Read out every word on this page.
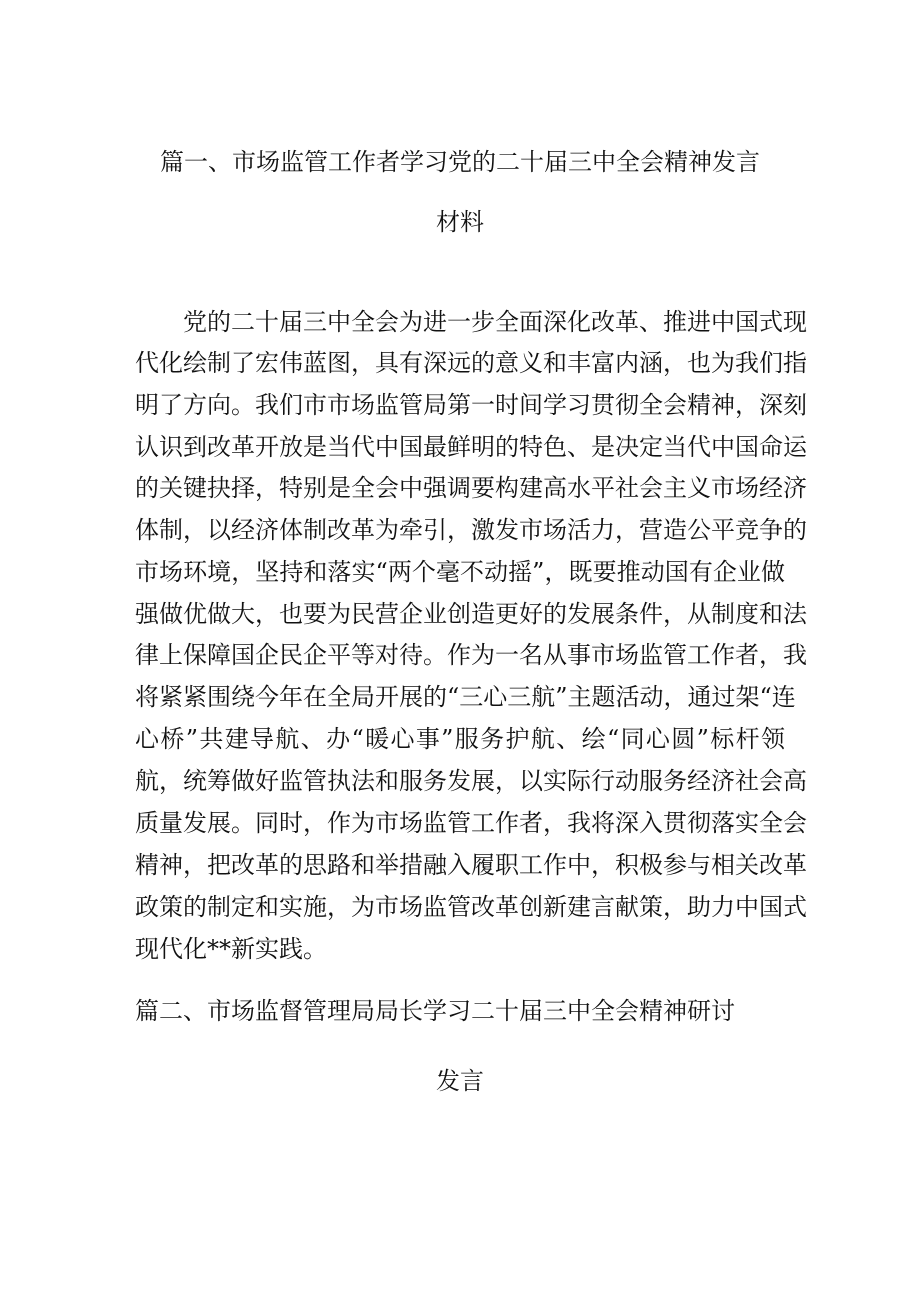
篇一、市场监管工作者学习党的二十届三中全会精神发言
材料
党的二十届三中全会为进一步全面深化改革、推进中国式现
代化绘制了宏伟蓝图，具有深远的意义和丰富内涵，也为我们指
明了方向。我们市市场监管局第一时间学习贯彻全会精神，深刻
认识到改革开放是当代中国最鲜明的特色、是决定当代中国命运
的关键抉择，特别是全会中强调要构建高水平社会主义市场经济
体制，以经济体制改革为牵引，激发市场活力，营造公平竞争的
市场环境，坚持和落实“两个毫不动摇”，既要推动国有企业做
强做优做大，也要为民营企业创造更好的发展条件，从制度和法
律上保障国企民企平等对待。作为一名从事市场监管工作者，我
将紧紧围绕今年在全局开展的“三心三航”主题活动，通过架“连
心桥”共建导航、办“暖心事”服务护航、绘“同心圆”标杆领
航，统筹做好监管执法和服务发展，以实际行动服务经济社会高
质量发展。同时，作为市场监管工作者，我将深入贯彻落实全会
精神，把改革的思路和举措融入履职工作中，积极参与相关改革
政策的制定和实施，为市场监管改革创新建言献策，助力中国式
现代化**新实践。
篇二、市场监督管理局局长学习二十届三中全会精神研讨
发言
